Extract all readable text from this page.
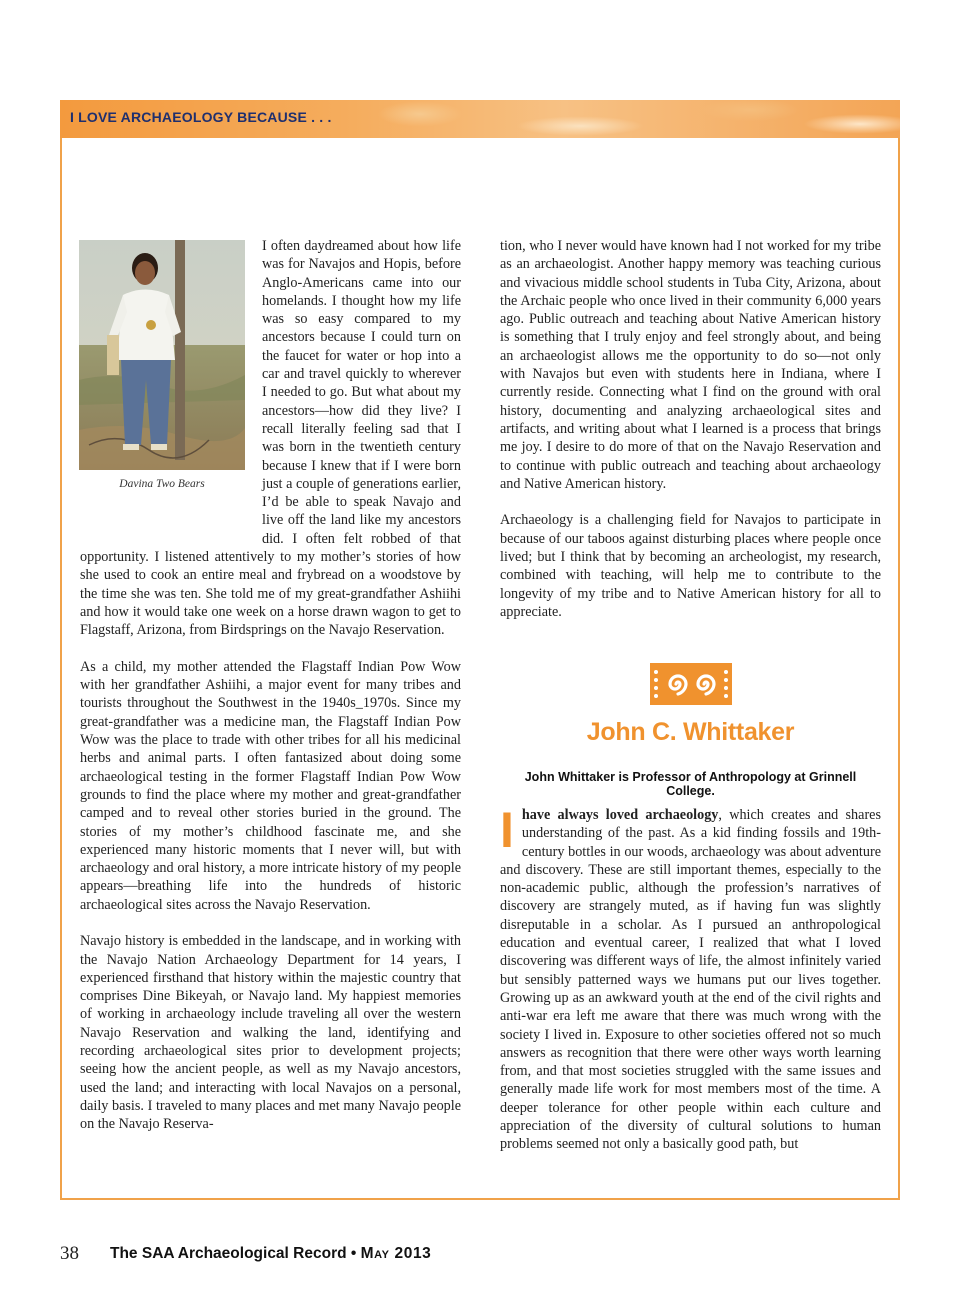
I LOVE ARCHAEOLOGY BECAUSE . . .
Davina Two Bears

I often daydreamed about how life was for Navajos and Hopis, before Anglo-Americans came into our homelands. I thought how my life was so easy compared to my ancestors because I could turn on the faucet for water or hop into a car and travel quickly to wherever I needed to go. But what about my ancestors—how did they live? I recall literally feeling sad that I was born in the twentieth century because I knew that if I were born just a couple of generations earlier, I’d be able to speak Navajo and live off the land like my ancestors did. I often felt robbed of that opportunity. I listened attentively to my mother’s stories of how she used to cook an entire meal and frybread on a woodstove by the time she was ten. She told me of my great-grandfather Ashiihi and how it would take one week on a horse drawn wagon to get to Flagstaff, Arizona, from Birdsprings on the Navajo Reservation.

As a child, my mother attended the Flagstaff Indian Pow Wow with her grandfather Ashiihi, a major event for many tribes and tourists throughout the Southwest in the 1940s_1970s. Since my great-grandfather was a medicine man, the Flagstaff Indian Pow Wow was the place to trade with other tribes for all his medicinal herbs and animal parts. I often fantasized about doing some archaeological testing in the former Flagstaff Indian Pow Wow grounds to find the place where my mother and great-grandfather camped and to reveal other stories buried in the ground. The stories of my mother’s childhood fascinate me, and she experienced many historic moments that I never will, but with archaeology and oral history, a more intricate history of my people appears—breathing life into the hundreds of historic archaeological sites across the Navajo Reservation.

Navajo history is embedded in the landscape, and in working with the Navajo Nation Archaeology Department for 14 years, I experienced firsthand that history within the majestic country that comprises Dine Bikeyah, or Navajo land. My happiest memories of working in archaeology include traveling all over the western Navajo Reservation and walking the land, identifying and recording archaeological sites prior to development projects; seeing how the ancient people, as well as my Navajo ancestors, used the land; and interacting with local Navajos on a personal, daily basis. I traveled to many places and met many Navajo people on the Navajo Reserva-

tion, who I never would have known had I not worked for my tribe as an archaeologist. Another happy memory was teaching curious and vivacious middle school students in Tuba City, Arizona, about the Archaic people who once lived in their community 6,000 years ago. Public outreach and teaching about Native American history is something that I truly enjoy and feel strongly about, and being an archaeologist allows me the opportunity to do so—not only with Navajos but even with students here in Indiana, where I currently reside. Connecting what I find on the ground with oral history, documenting and analyzing archaeological sites and artifacts, and writing about what I learned is a process that brings me joy. I desire to do more of that on the Navajo Reservation and to continue with public outreach and teaching about archaeology and Native American history.

Archaeology is a challenging field for Navajos to participate in because of our taboos against disturbing places where people once lived; but I think that by becoming an archeologist, my research, combined with teaching, will help me to contribute to the longevity of my tribe and to Native American history for all to appreciate.

John C. Whittaker
John Whittaker is Professor of Anthropology at Grinnell College.
Ihave always loved archaeology, which creates and shares understanding of the past. As a kid finding fossils and 19th-century bottles in our woods, archaeology was about adventure and discovery. These are still important themes, especially to the non-academic public, although the profession’s narratives of discovery are strangely muted, as if having fun was slightly disreputable in a scholar. As I pursued an anthropological education and eventual career, I realized that what I loved discovering was different ways of life, the almost infinitely varied but sensibly patterned ways we humans put our lives together. Growing up as an awkward youth at the end of the civil rights and anti-war era left me aware that there was much wrong with the society I lived in. Exposure to other societies offered not so much answers as recognition that there were other ways worth learning from, and that most societies struggled with the same issues and generally made life work for most members most of the time. A deeper tolerance for other people within each culture and appreciation of the diversity of cultural solutions to human problems seemed not only a basically good path, but
38 The SAA Archaeological Record • May 2013
